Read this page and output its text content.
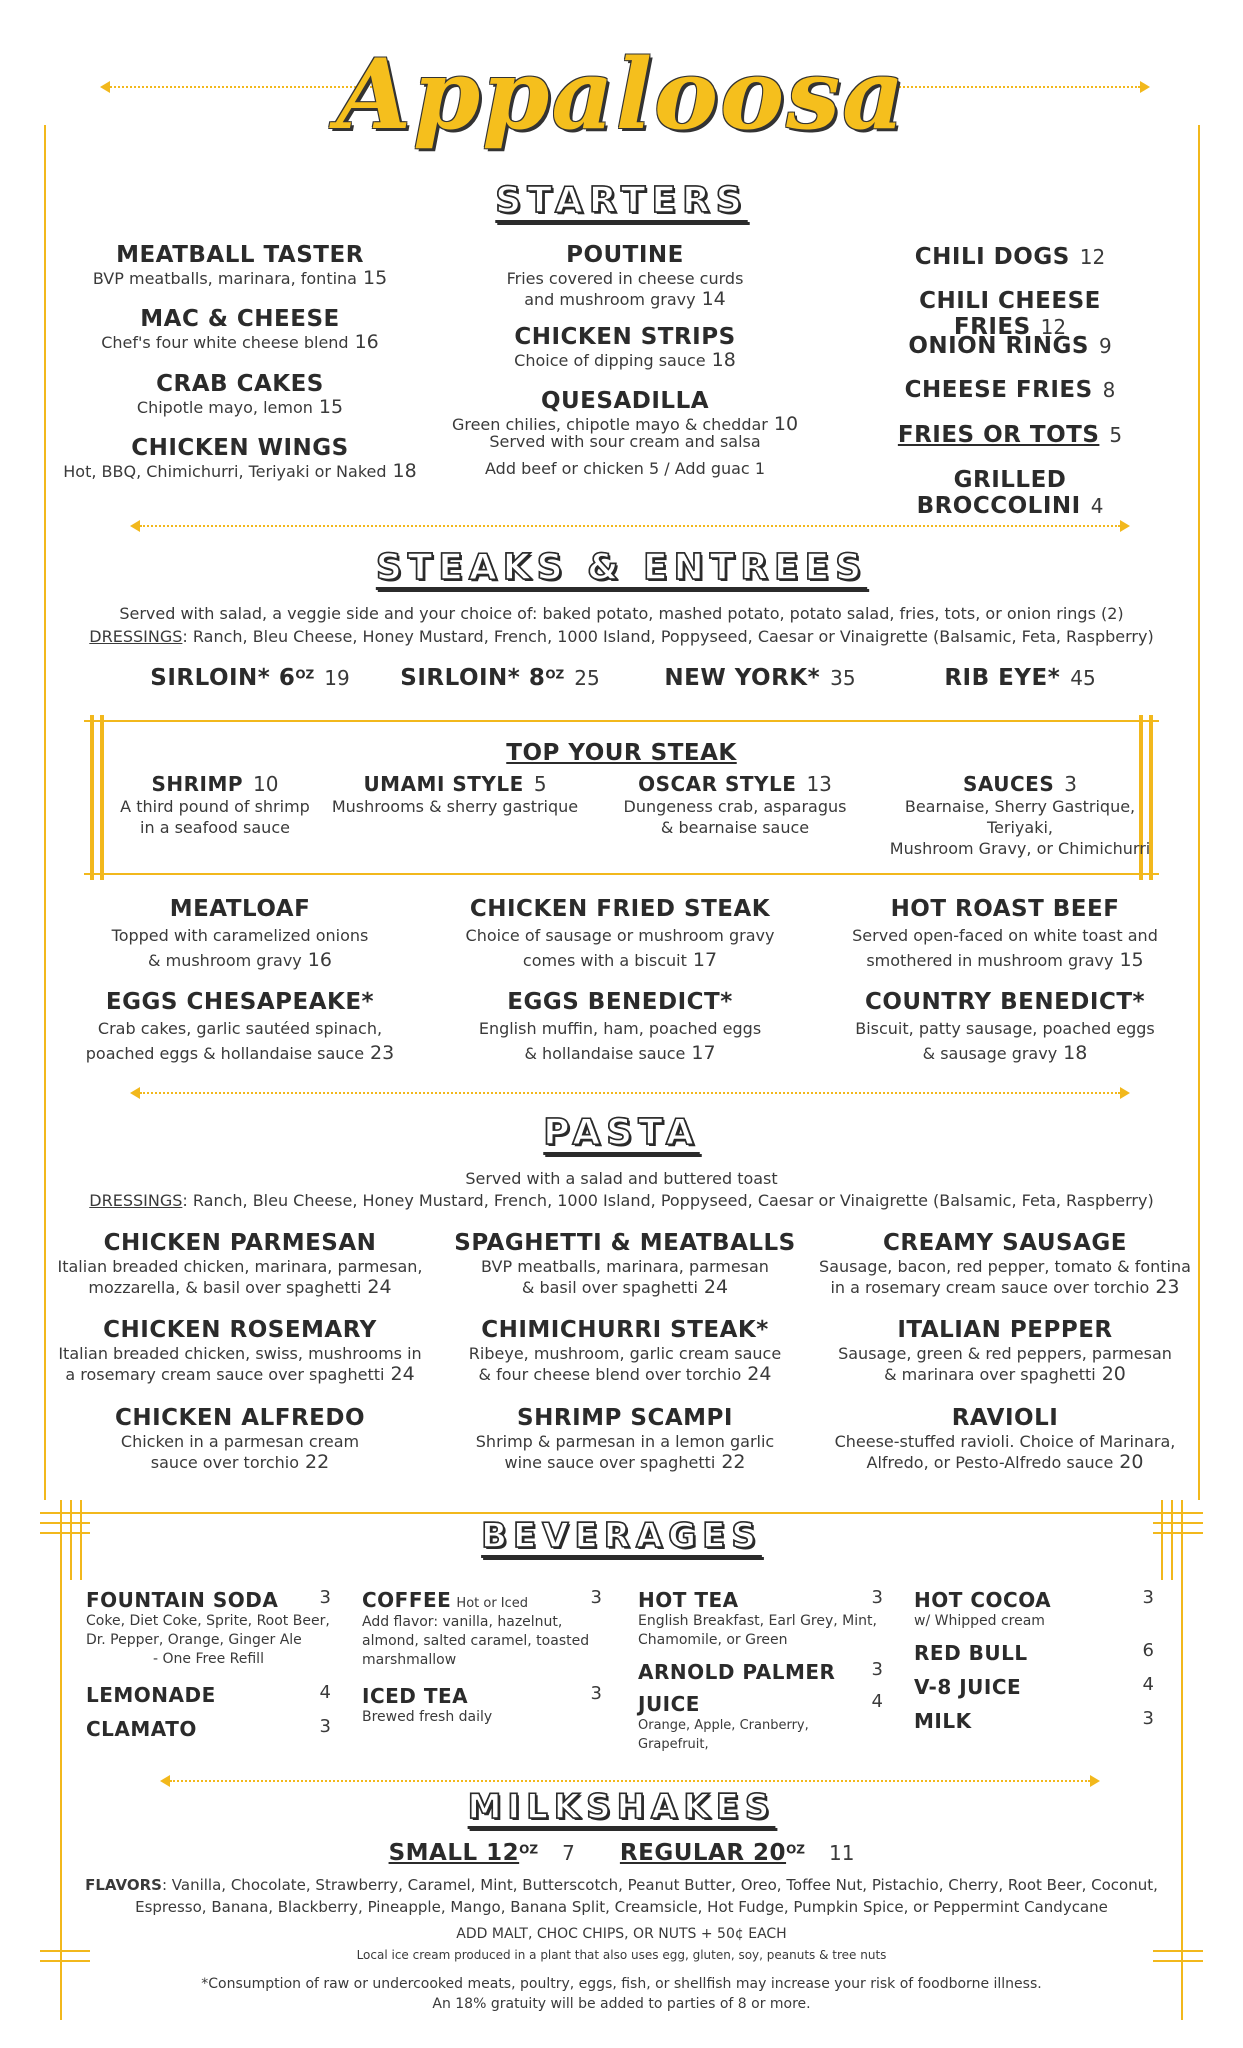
Appaloosa
STARTERS
MEATBALL TASTER
BVP meatballs, marinara, fontina 15
MAC & CHEESE
Chef's four white cheese blend 16
CRAB CAKES
Chipotle mayo, lemon 15
CHICKEN WINGS
Hot, BBQ, Chimichurri, Teriyaki or Naked 18
POUTINE
Fries covered in cheese curds
and mushroom gravy 14
CHICKEN STRIPS
Choice of dipping sauce 18
QUESADILLA
Green chilies, chipotle mayo & cheddar 10
Served with sour cream and salsa
Add beef or chicken 5 / Add guac 1
CHILI DOGS 12
CHILI CHEESE FRIES 12
ONION RINGS 9
CHEESE FRIES 8
FRIES OR TOTS 5
GRILLED BROCCOLINI 4
STEAKS & ENTREES
Served with salad, a veggie side and your choice of: baked potato, mashed potato, potato salad, fries, tots, or onion rings (2)
DRESSINGS: Ranch, Bleu Cheese, Honey Mustard, French, 1000 Island, Poppyseed, Caesar or Vinaigrette (Balsamic, Feta, Raspberry)
SIRLOIN* $6^{OZ}$ 19	SIRLOIN* $8^{OZ}$ 25	NEW YORK* 35	RIB EYE* 45
TOP YOUR STEAK
SHRIMP 10
A third pound of shrimp
in a seafood sauce
UMAMI STYLE 5
Mushrooms & sherry gastrique
OSCAR STYLE 13
Dungeness crab, asparagus
& bearnaise sauce
SAUCES 3
Bearnaise, Sherry Gastrique, Teriyaki,
Mushroom Gravy, or Chimichurri
MEATLOAF
Topped with caramelized onions
& mushroom gravy 16
CHICKEN FRIED STEAK
Choice of sausage or mushroom gravy
comes with a biscuit 17
HOT ROAST BEEF
Served open-faced on white toast and
smothered in mushroom gravy 15
EGGS CHESAPEAKE*
Crab cakes, garlic sautéed spinach,
poached eggs & hollandaise sauce 23
EGGS BENEDICT*
English muffin, ham, poached eggs
& hollandaise sauce 17
COUNTRY BENEDICT*
Biscuit, patty sausage, poached eggs
& sausage gravy 18
PASTA
Served with a salad and buttered toast
DRESSINGS: Ranch, Bleu Cheese, Honey Mustard, French, 1000 Island, Poppyseed, Caesar or Vinaigrette (Balsamic, Feta, Raspberry)
CHICKEN PARMESAN
Italian breaded chicken, marinara, parmesan,
mozzarella, & basil over spaghetti 24
SPAGHETTI & MEATBALLS
BVP meatballs, marinara, parmesan
& basil over spaghetti 24
CREAMY SAUSAGE
Sausage, bacon, red pepper, tomato & fontina
in a rosemary cream sauce over torchio 23
CHICKEN ROSEMARY
Italian breaded chicken, swiss, mushrooms in
a rosemary cream sauce over spaghetti 24
CHIMICHURRI STEAK*
Ribeye, mushroom, garlic cream sauce
& four cheese blend over torchio 24
ITALIAN PEPPER
Sausage, green & red peppers, parmesan
& marinara over spaghetti 20
CHICKEN ALFREDO
Chicken in a parmesan cream
sauce over torchio 22
SHRIMP SCAMPI
Shrimp & parmesan in a lemon garlic
wine sauce over spaghetti 22
RAVIOLI
Cheese-stuffed ravioli. Choice of Marinara,
Alfredo, or Pesto-Alfredo sauce 20
BEVERAGES
FOUNTAIN SODA 3
Coke, Diet Coke, Sprite, Root Beer, Dr. Pepper, Orange, Ginger Ale
- One Free Refill
LEMONADE	4
CLAMATO	3
COFFEE Hot or Iced	3
Add flavor: vanilla, hazelnut, almond, salted caramel, toasted marshmallow
ICED TEA	3
Brewed fresh daily
HOT TEA	3
English Breakfast, Earl Grey, Mint, Chamomile, or Green
ARNOLD PALMER 3
JUICE	4
Orange, Apple, Cranberry, Grapefruit,
HOT COCOA	3
w/ Whipped cream
RED BULL	6
V-8 JUICE	4
MILK	3
MILKSHAKES
SMALL $12^{OZ}$ 7 REGULAR $20^{OZ}$ 11
FLAVORS: Vanilla, Chocolate, Strawberry, Caramel, Mint, Butterscotch, Peanut Butter, Oreo, Toffee Nut, Pistachio, Cherry, Root Beer, Coconut,
Espresso, Banana, Blackberry, Pineapple, Mango, Banana Split, Creamsicle, Hot Fudge, Pumpkin Spice, or Peppermint Candycane
ADD MALT, CHOC CHIPS, OR NUTS + 50¢ EACH
Local ice cream produced in a plant that also uses egg, gluten, soy, peanuts & tree nuts
*Consumption of raw or undercooked meats, poultry, eggs, fish, or shellfish may increase your risk of foodborne illness.
An 18% gratuity will be added to parties of 8 or more.
